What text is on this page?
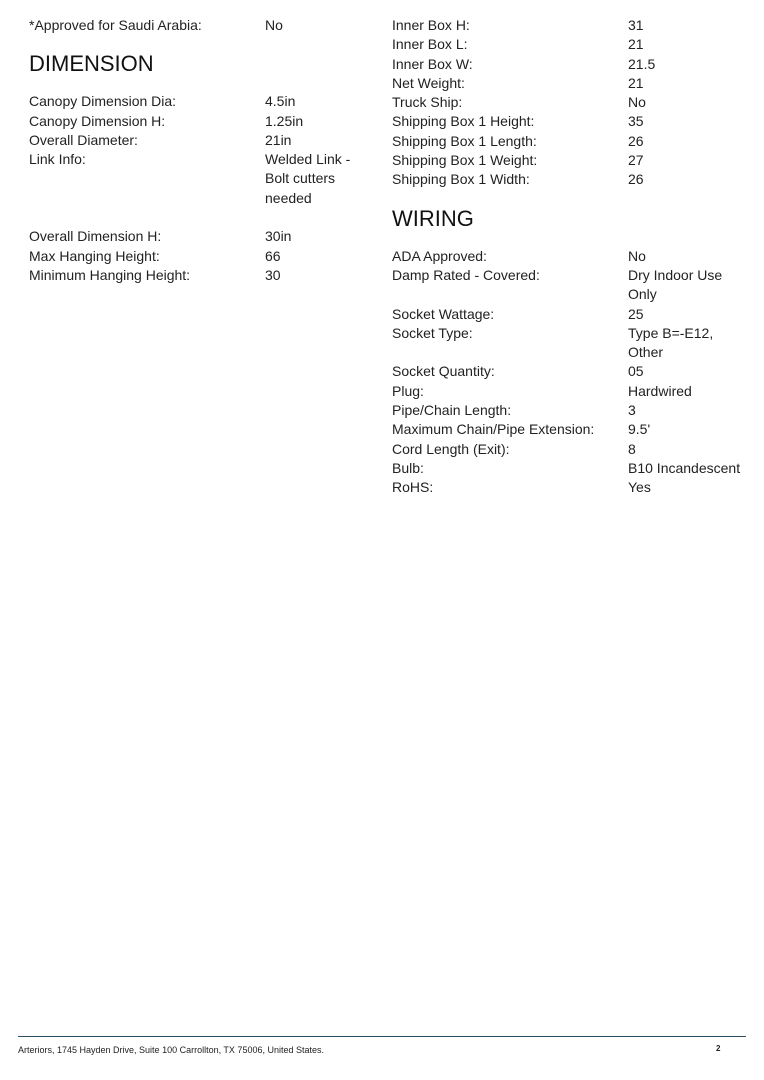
*Approved for Saudi Arabia:	No
DIMENSION
Canopy Dimension Dia:	4.5in
Canopy Dimension H:	1.25in
Overall Diameter:	21in
Link Info:	Welded Link - Bolt cutters needed
Overall Dimension H:	30in
Max Hanging Height:	66
Minimum Hanging Height:	30
Inner Box H:	31
Inner Box L:	21
Inner Box W:	21.5
Net Weight:	21
Truck Ship:	No
Shipping Box 1 Height:	35
Shipping Box 1 Length:	26
Shipping Box 1 Weight:	27
Shipping Box 1 Width:	26
WIRING
ADA Approved:	No
Damp Rated - Covered:	Dry Indoor Use Only
Socket Wattage:	25
Socket Type:	Type B=-E12, Other
Socket Quantity:	05
Plug:	Hardwired
Pipe/Chain Length:	3
Maximum Chain/Pipe Extension:	9.5'
Cord Length (Exit):	8
Bulb:	B10 Incandescent
RoHS:	Yes
Arteriors, 1745 Hayden Drive, Suite 100 Carrollton, TX 75006, United States.	2
